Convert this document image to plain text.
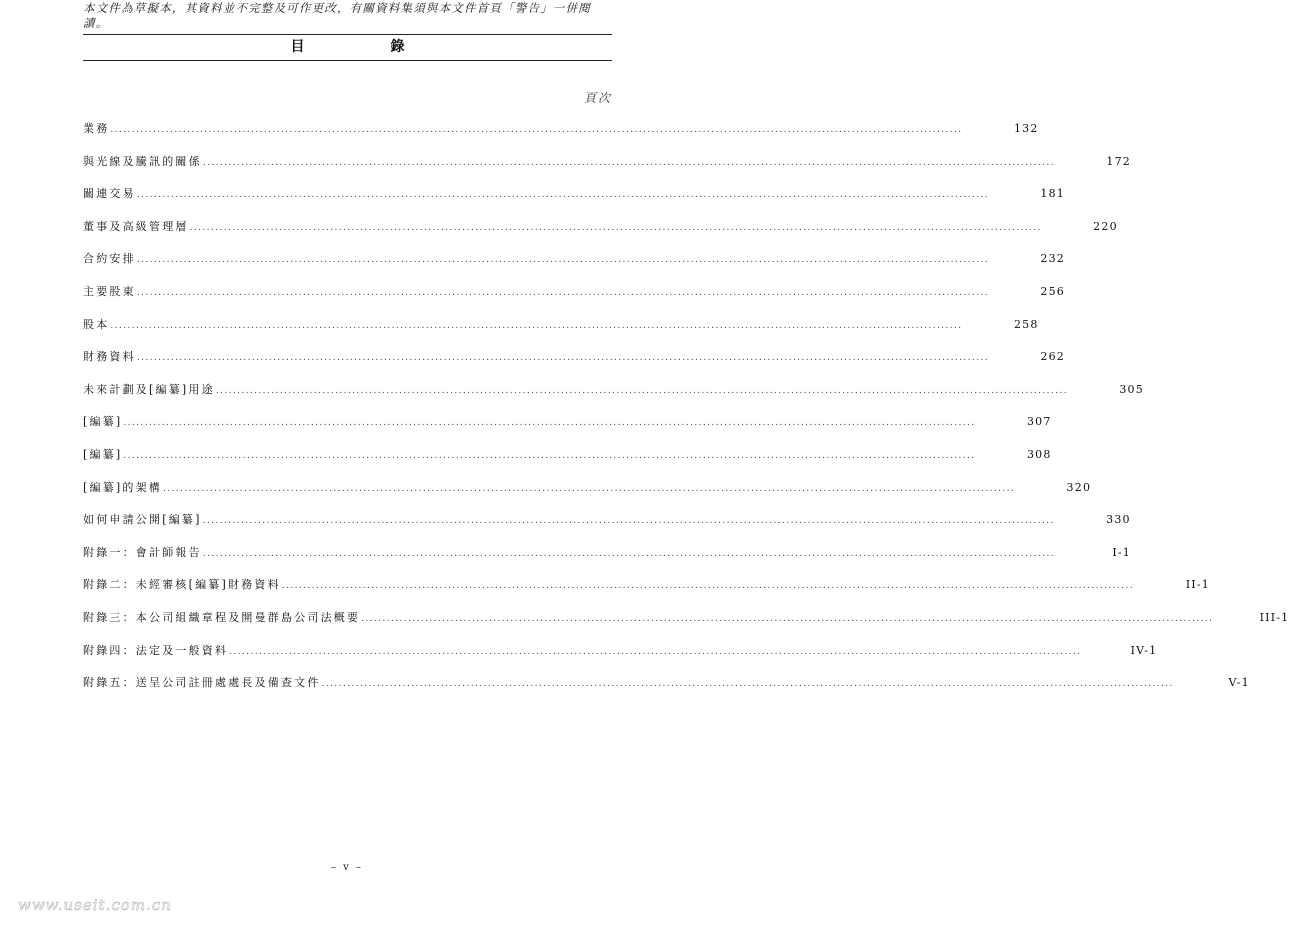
本文件為草擬本，其資料並不完整及可作更改，有關資料集須與本文件首頁「警告」一併閱讀。
目　錄
頁次
業務 ........................................................................................................................................................................................................	132
與光線及騰訊的關係 ........................................................................................................................................................................................................	172
關連交易 ........................................................................................................................................................................................................	181
董事及高級管理層 ........................................................................................................................................................................................................	220
合約安排 ........................................................................................................................................................................................................	232
主要股東 ........................................................................................................................................................................................................	256
股本 ........................................................................................................................................................................................................	258
財務資料 ........................................................................................................................................................................................................	262
未來計劃及[編纂]用途 ........................................................................................................................................................................................................	305
[編纂] ........................................................................................................................................................................................................	307
[編纂] ........................................................................................................................................................................................................	308
[編纂]的架構 ........................................................................................................................................................................................................	320
如何申請公開[編纂] ........................................................................................................................................................................................................	330
附錄一：會計師報告 ........................................................................................................................................................................................................	I-1
附錄二：未經審核[編纂]財務資料 ........................................................................................................................................................................................................	II-1
附錄三：本公司組織章程及開曼群島公司法概要 ........................................................................................................................................................................................................	III-1
附錄四：法定及一般資料 ........................................................................................................................................................................................................	IV-1
附錄五：送呈公司註冊處處長及備查文件 ........................................................................................................................................................................................................	V-1
– v –
www.useit.com.cn
